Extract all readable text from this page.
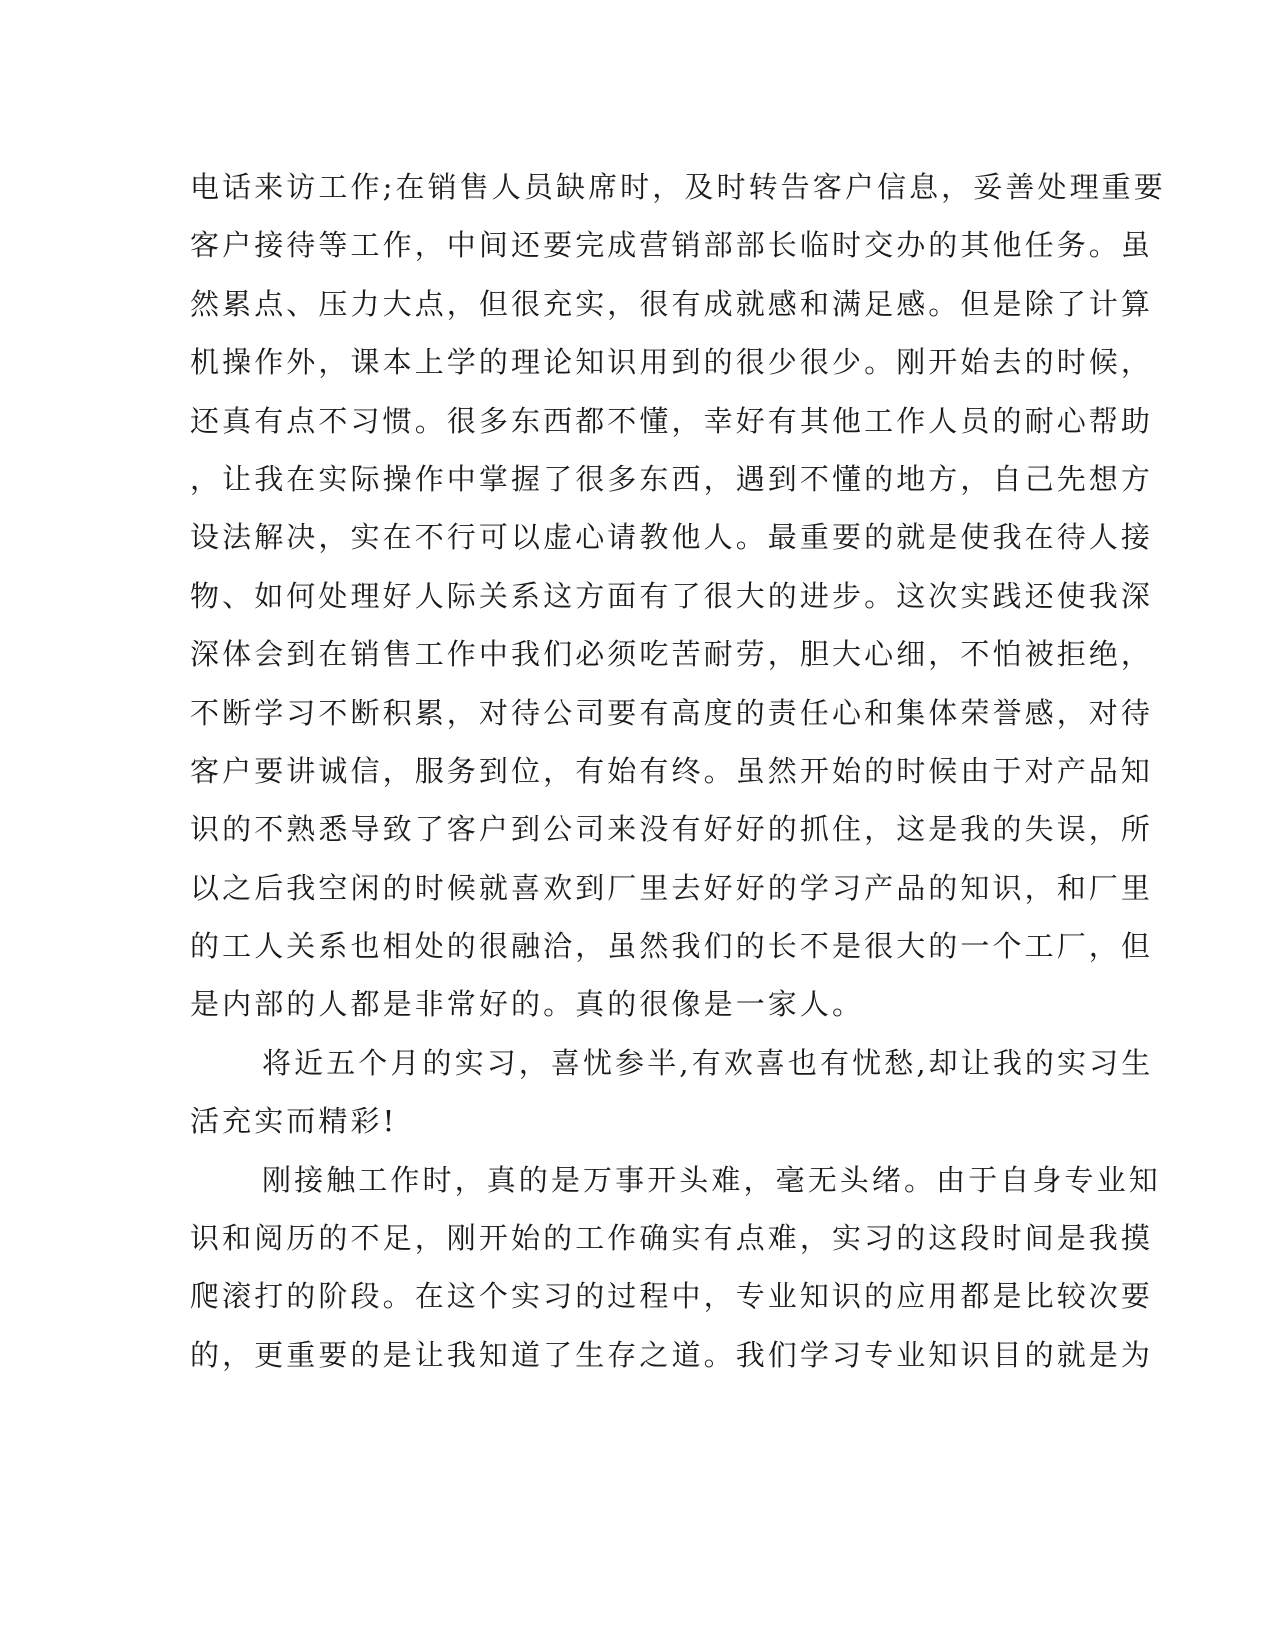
电话来访工作;在销售人员缺席时，及时转告客户信息，妥善处理重要
客户接待等工作，中间还要完成营销部部长临时交办的其他任务。虽
然累点、压力大点，但很充实，很有成就感和满足感。但是除了计算
机操作外，课本上学的理论知识用到的很少很少。刚开始去的时候，
还真有点不习惯。很多东西都不懂，幸好有其他工作人员的耐心帮助
，让我在实际操作中掌握了很多东西，遇到不懂的地方，自己先想方
设法解决，实在不行可以虚心请教他人。最重要的就是使我在待人接
物、如何处理好人际关系这方面有了很大的进步。这次实践还使我深
深体会到在销售工作中我们必须吃苦耐劳，胆大心细，不怕被拒绝，
不断学习不断积累，对待公司要有高度的责任心和集体荣誉感，对待
客户要讲诚信，服务到位，有始有终。虽然开始的时候由于对产品知
识的不熟悉导致了客户到公司来没有好好的抓住，这是我的失误，所
以之后我空闲的时候就喜欢到厂里去好好的学习产品的知识，和厂里
的工人关系也相处的很融洽，虽然我们的长不是很大的一个工厂，但
是内部的人都是非常好的。真的很像是一家人。
将近五个月的实习，喜忧参半,有欢喜也有忧愁,却让我的实习生
活充实而精彩!
刚接触工作时，真的是万事开头难，毫无头绪。由于自身专业知
识和阅历的不足，刚开始的工作确实有点难，实习的这段时间是我摸
爬滚打的阶段。在这个实习的过程中，专业知识的应用都是比较次要
的，更重要的是让我知道了生存之道。我们学习专业知识目的就是为
